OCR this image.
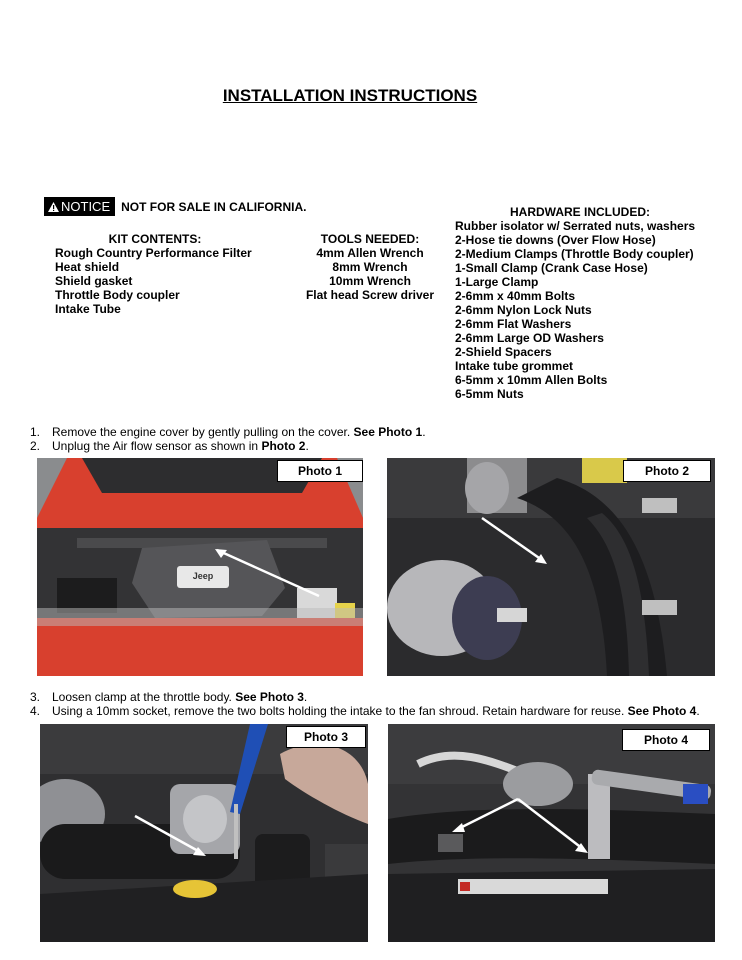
INSTALLATION INSTRUCTIONS
NOTICE NOT FOR SALE IN CALIFORNIA.
KIT CONTENTS:
Rough Country Performance Filter
Heat shield
Shield gasket
Throttle Body coupler
Intake Tube
TOOLS NEEDED:
4mm Allen Wrench
8mm Wrench
10mm Wrench
Flat head Screw driver
HARDWARE INCLUDED:
Rubber isolator w/ Serrated nuts, washers
2-Hose tie downs (Over Flow Hose)
2-Medium Clamps (Throttle Body coupler)
1-Small Clamp (Crank Case Hose)
1-Large Clamp
2-6mm x 40mm Bolts
2-6mm Nylon Lock Nuts
2-6mm Flat Washers
2-6mm Large OD Washers
2-Shield Spacers
Intake tube grommet
6-5mm x 10mm Allen Bolts
6-5mm Nuts
1. Remove the engine cover by gently pulling on the cover. See Photo 1.
2. Unplug the Air flow sensor as shown in Photo 2.
Jeep
Photo 1	Photo 2
3. Loosen clamp at the throttle body. See Photo 3.
4. Using a 10mm socket, remove the two bolts holding the intake to the fan shroud. Retain hardware for reuse. See Photo 4.
Photo 3	Photo 4
